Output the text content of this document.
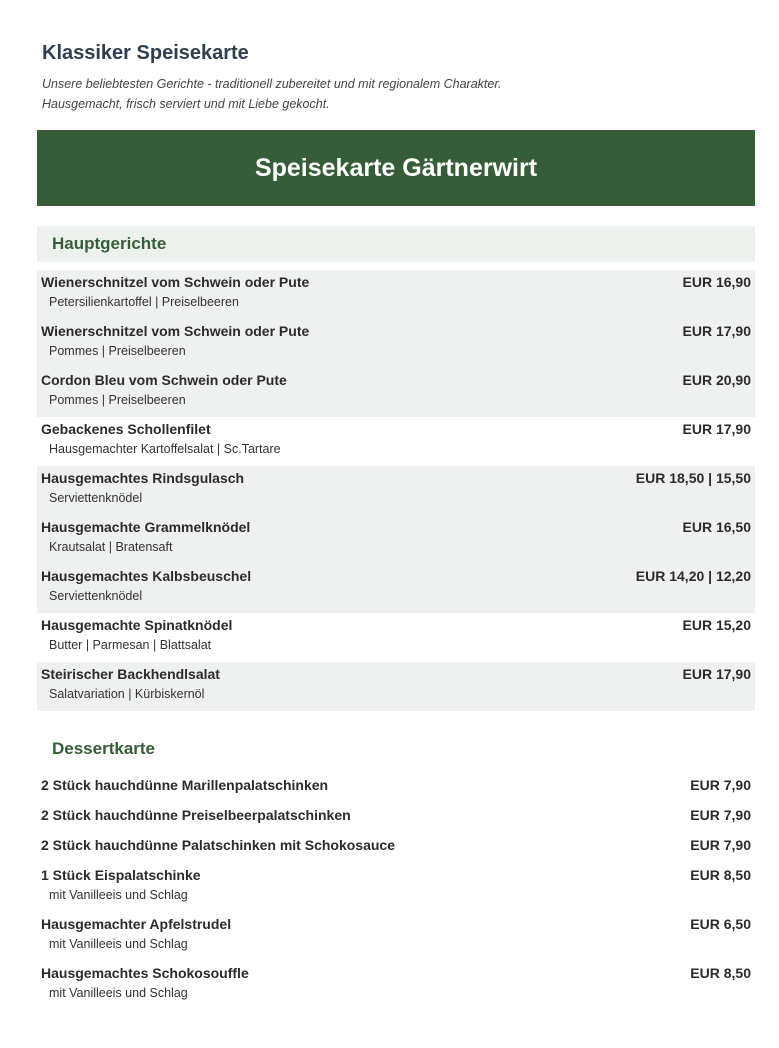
Klassiker Speisekarte
Unsere beliebtesten Gerichte - traditionell zubereitet und mit regionalem Charakter.
Hausgemacht, frisch serviert und mit Liebe gekocht.
Speisekarte Gärtnerwirt
Hauptgerichte
Wienerschnitzel vom Schwein oder Pute	EUR 16,90
Petersilienkartoffel | Preiselbeeren
Wienerschnitzel vom Schwein oder Pute	EUR 17,90
Pommes | Preiselbeeren
Cordon Bleu vom Schwein oder Pute	EUR 20,90
Pommes | Preiselbeeren
Gebackenes Schollenfilet	EUR 17,90
Hausgemachter Kartoffelsalat | Sc.Tartare
Hausgemachtes Rindsgulasch	EUR 18,50 | 15,50
Serviettenknödel
Hausgemachte Grammelknödel	EUR 16,50
Krautsalat | Bratensaft
Hausgemachtes Kalbsbeuschel	EUR 14,20 | 12,20
Serviettenknödel
Hausgemachte Spinatknödel	EUR 15,20
Butter | Parmesan | Blattsalat
Steirischer Backhendlsalat	EUR 17,90
Salatvariation | Kürbiskernöl
Dessertkarte
2 Stück hauchdünne Marillenpalatschinken	EUR 7,90
2 Stück hauchdünne Preiselbeerpalatschinken	EUR 7,90
2 Stück hauchdünne Palatschinken mit Schokosauce	EUR 7,90
1 Stück Eispalatschinke	EUR 8,50
mit Vanilleeis und Schlag
Hausgemachter Apfelstrudel	EUR 6,50
mit Vanilleeis und Schlag
Hausgemachtes Schokosouffle	EUR 8,50
mit Vanilleeis und Schlag
